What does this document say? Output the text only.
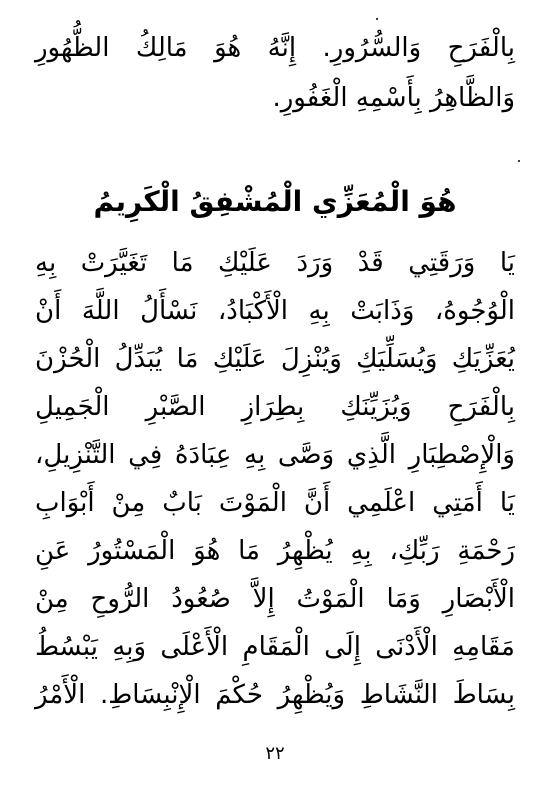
بِالْفَرَحِ وَالسُّرُورِ. إِنَّهُ هُوَ مَالِكُ الظُّهُورِ
وَالظَّاهِرُ بِأَسْمِهِ الْغَفُورِ.
هُوَ الْمُعَزِّي الْمُشْفِقُ الْكَرِيمُ
يَا وَرَقَتِي قَدْ وَرَدَ عَلَيْكِ مَا تَغَيَّرَتْ بِهِ
الْوُجُوهُ، وَذَابَتْ بِهِ الْأَكْبَادُ، نَسْأَلُ اللَّهَ أَنْ
يُعَزِّيَكِ وَيُسَلِّيَكِ وَيُنْزِلَ عَلَيْكِ مَا يُبَدِّلُ الْحُزْنَ
بِالْفَرَحِ وَيُزَيِّنَكِ بِطِرَازِ الصَّبْرِ الْجَمِيلِ
وَالْإِصْطِبَارِ الَّذِي وَصَّى بِهِ عِبَادَهُ فِي التَّنْزِيلِ،
يَا أَمَتِي اعْلَمِي أَنَّ الْمَوْتَ بَابٌ مِنْ أَبْوَابِ
رَحْمَةِ رَبِّكِ، بِهِ يُظْهِرُ مَا هُوَ الْمَسْتُورُ عَنِ
الْأَبْصَارِ وَمَا الْمَوْتُ إِلاَّ صُعُودُ الرُّوحِ مِنْ
مَقَامِهِ الْأَدْنَى إِلَى الْمَقَامِ الْأَعْلَى وَبِهِ يَبْسُطُ
بِسَاطَ النَّشَاطِ وَيُظْهِرُ حُكْمَ الْإِنْبِسَاطِ. الْأَمْرُ
٢٢
